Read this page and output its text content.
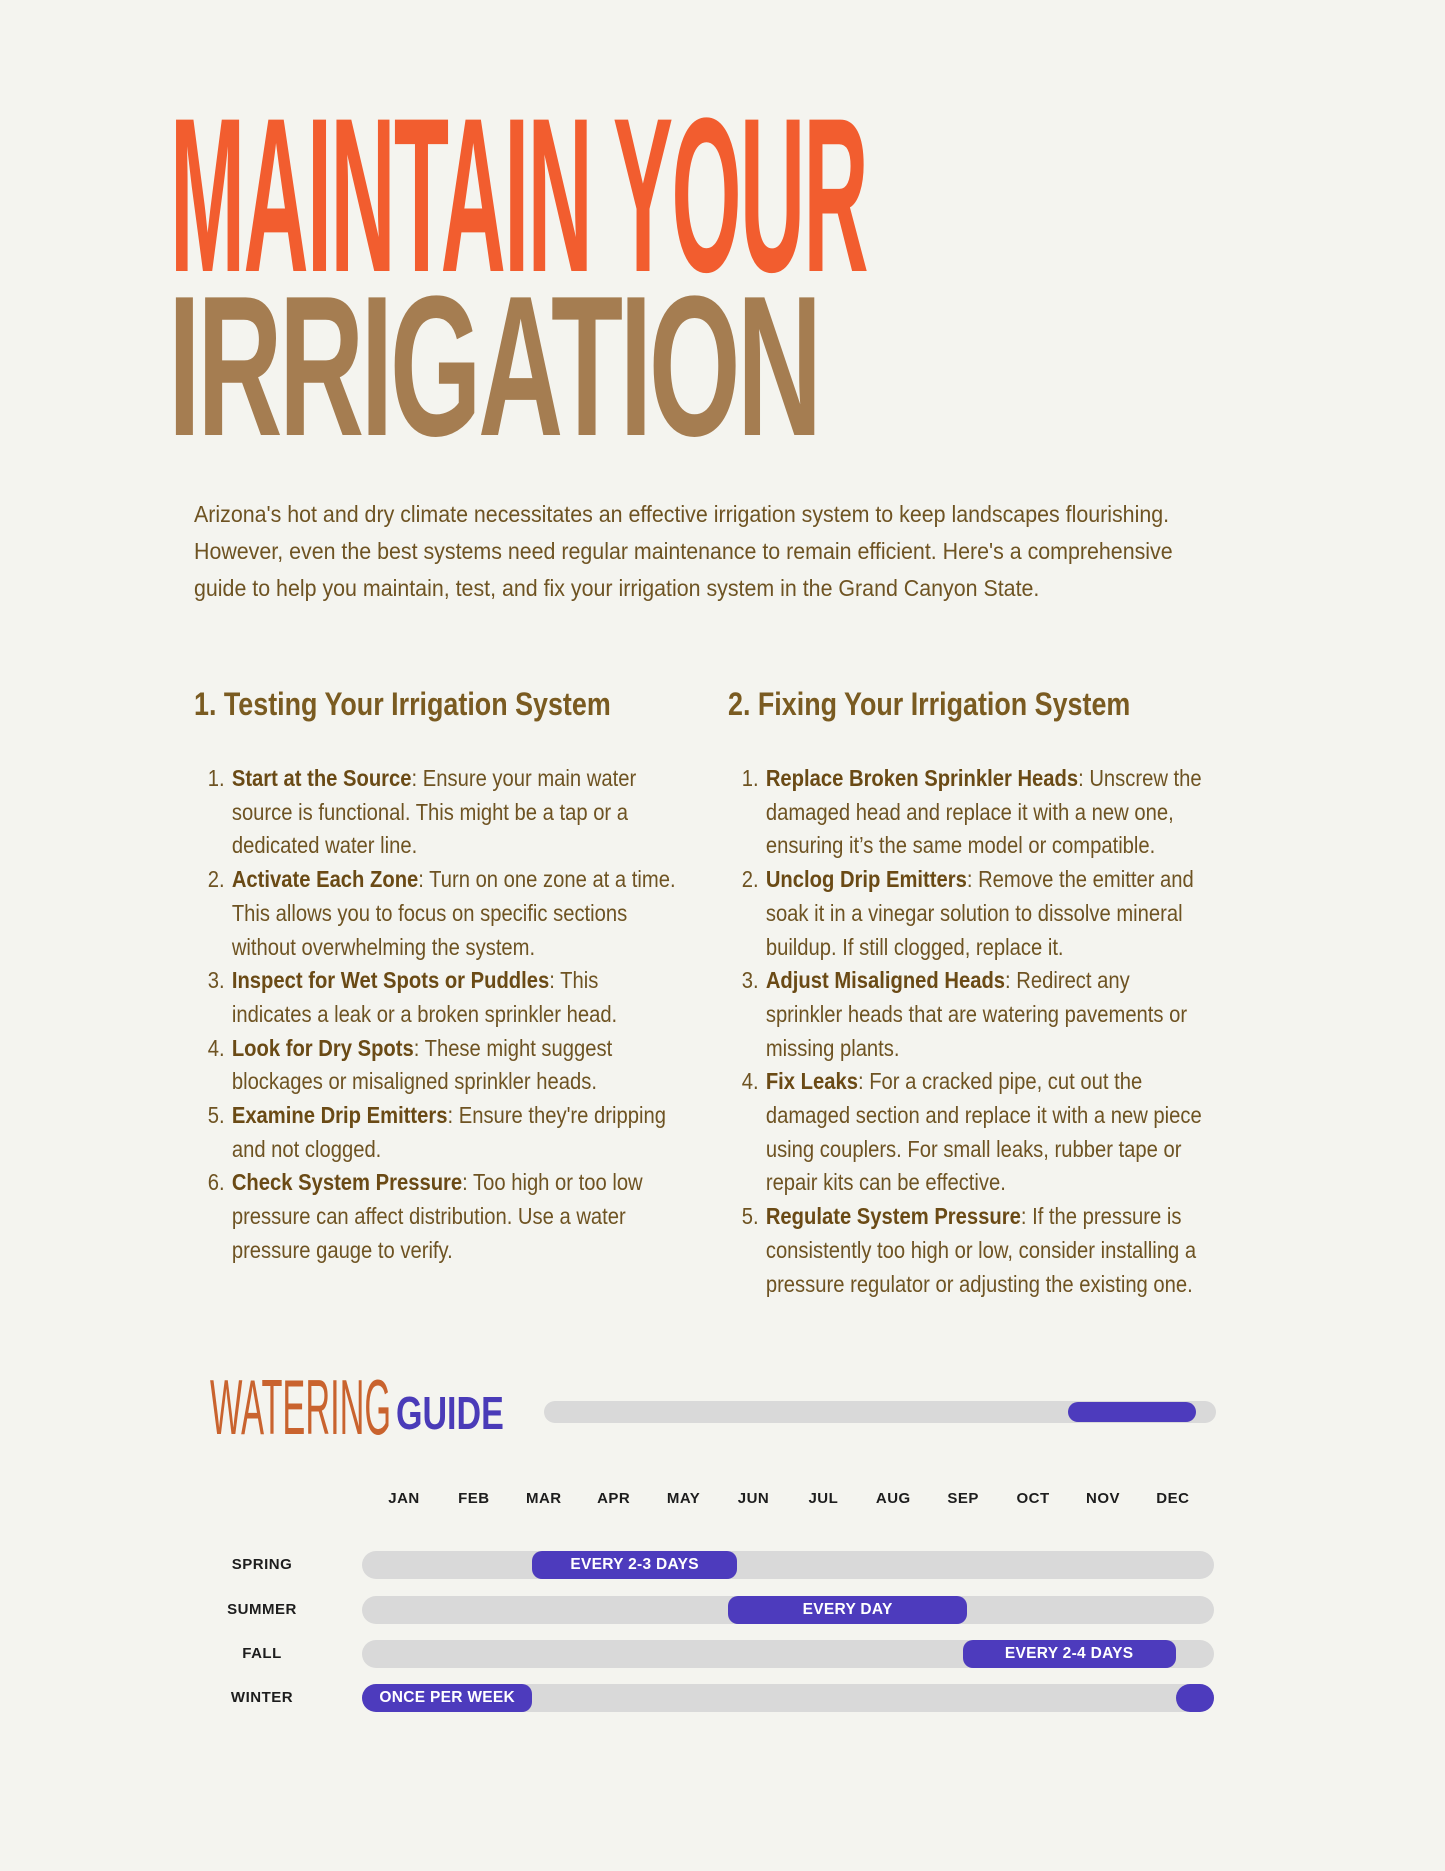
MAINTAIN YOUR
IRRIGATION

Arizona's hot and dry climate necessitates an effective irrigation system to keep landscapes flourishing. However, even the best systems need regular maintenance to remain efficient. Here's a comprehensive guide to help you maintain, test, and fix your irrigation system in the Grand Canyon State.

1. Testing Your Irrigation System
1. Start at the Source: Ensure your main water source is functional. This might be a tap or a dedicated water line.
2. Activate Each Zone: Turn on one zone at a time. This allows you to focus on specific sections without overwhelming the system.
3. Inspect for Wet Spots or Puddles: This indicates a leak or a broken sprinkler head.
4. Look for Dry Spots: These might suggest blockages or misaligned sprinkler heads.
5. Examine Drip Emitters: Ensure they're dripping and not clogged.
6. Check System Pressure: Too high or too low pressure can affect distribution. Use a water pressure gauge to verify.
2. Fixing Your Irrigation System
1. Replace Broken Sprinkler Heads: Unscrew the damaged head and replace it with a new one, ensuring it’s the same model or compatible.
2. Unclog Drip Emitters: Remove the emitter and soak it in a vinegar solution to dissolve mineral buildup. If still clogged, replace it.
3. Adjust Misaligned Heads: Redirect any sprinkler heads that are watering pavements or missing plants.
4. Fix Leaks: For a cracked pipe, cut out the damaged section and replace it with a new piece using couplers. For small leaks, rubber tape or repair kits can be effective.
5. Regulate System Pressure: If the pressure is consistently too high or low, consider installing a pressure regulator or adjusting the existing one.
WATERING GUIDE
JAN	FEB	MAR	APR	MAY	JUN	JUL	AUG	SEP	OCT	NOV	DEC
SPRING	EVERY 2-3 DAYS
SUMMER	EVERY DAY
FALL	EVERY 2-4 DAYS
WINTER	ONCE PER WEEK
